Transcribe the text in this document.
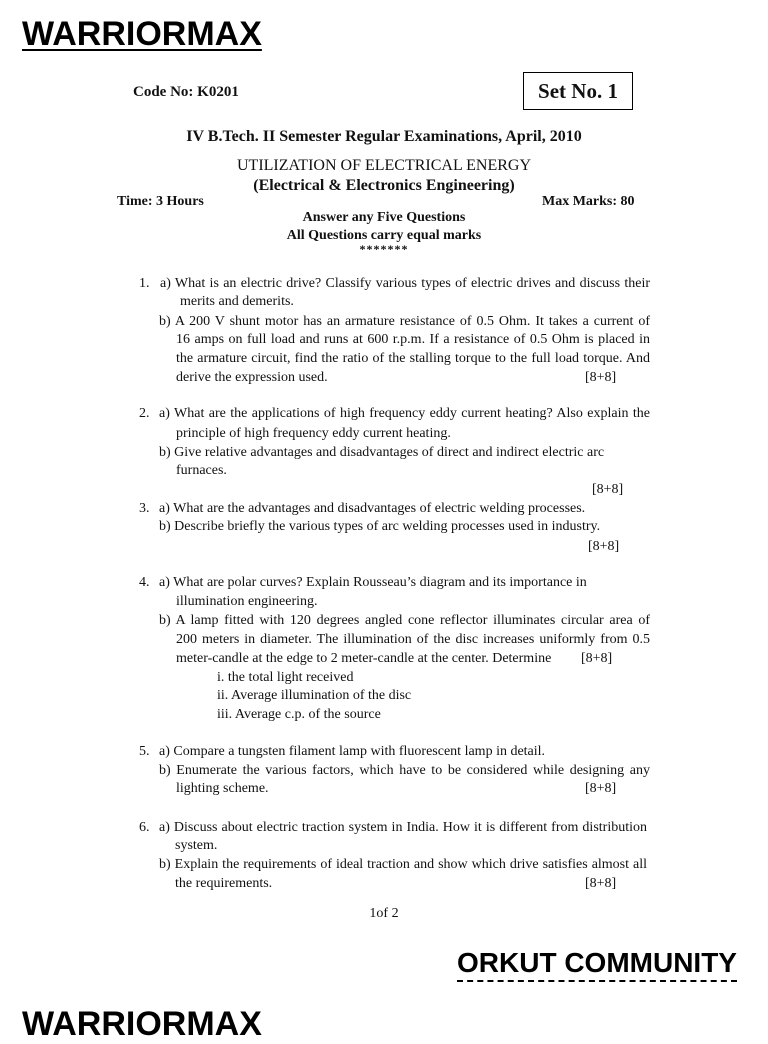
WARRIORMAX
Code No: K0201	Set No. 1
IV B.Tech. II Semester Regular Examinations, April, 2010
UTILIZATION OF ELECTRICAL ENERGY
(Electrical & Electronics Engineering)
Time: 3 Hours	Max Marks: 80
Answer any Five Questions
All Questions carry equal marks
*******
1. a) What is an electric drive? Classify various types of electric drives and discuss their
merits and demerits.
b) A 200 V shunt motor has an armature resistance of 0.5 Ohm. It takes a current of
16 amps on full load and runs at 600 r.p.m. If a resistance of 0.5 Ohm is placed in
the armature circuit, find the ratio of the stalling torque to the full load torque. And
derive the expression used.	[8+8]
2. a) What are the applications of high frequency eddy current heating? Also explain the
principle of high frequency eddy current heating.
b) Give relative advantages and disadvantages of direct and indirect electric arc
furnaces.
[8+8]
3. a) What are the advantages and disadvantages of electric welding processes.
b) Describe briefly the various types of arc welding processes used in industry.
[8+8]
4. a) What are polar curves? Explain Rousseau’s diagram and its importance in
illumination engineering.
b) A lamp fitted with 120 degrees angled cone reflector illuminates circular area of
200 meters in diameter. The illumination of the disc increases uniformly from 0.5
meter-candle at the edge to 2 meter-candle at the center. Determine [8+8]
i. the total light received
ii. Average illumination of the disc
iii. Average c.p. of the source
5. a) Compare a tungsten filament lamp with fluorescent lamp in detail.
b) Enumerate the various factors, which have to be considered while designing any
lighting scheme.	[8+8]
6. a) Discuss about electric traction system in India. How it is different from distribution
system.
b) Explain the requirements of ideal traction and show which drive satisfies almost all
the requirements.	[8+8]
1of 2
ORKUT COMMUNITY
WARRIORMAX
